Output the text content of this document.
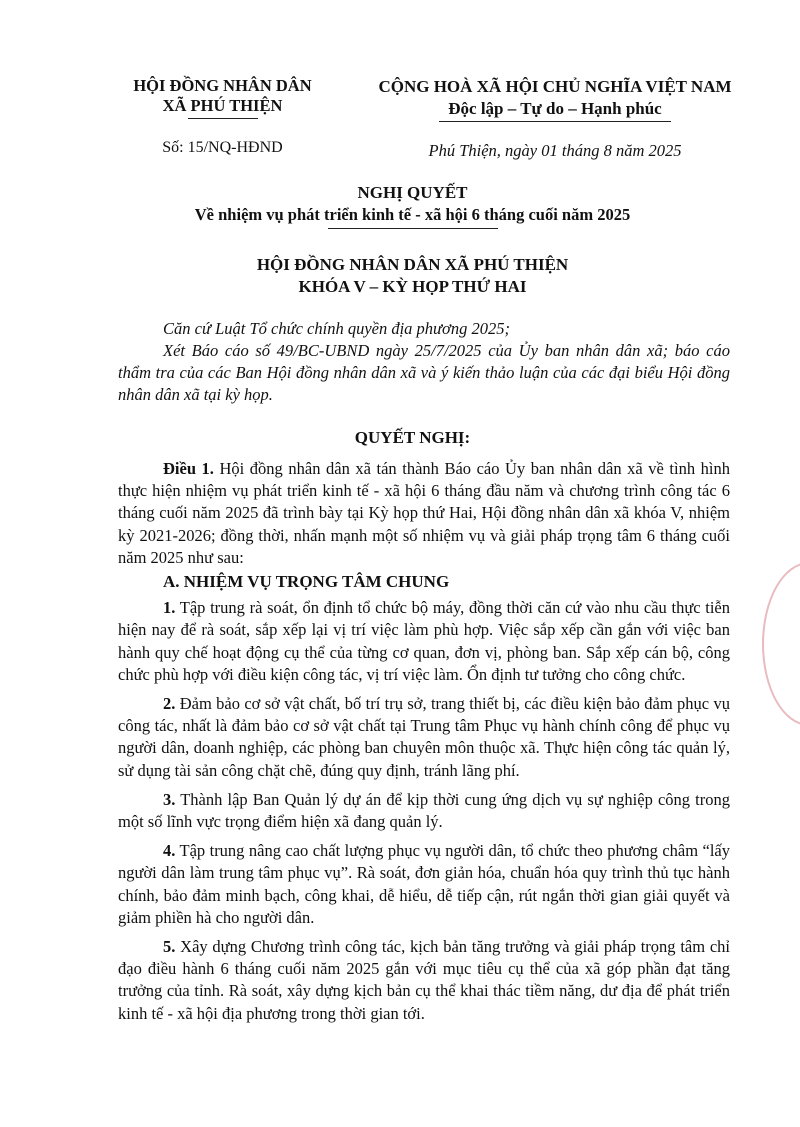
HỘI ĐỒNG NHÂN DÂN
XÃ PHÚ THIỆN
Số: 15/NQ-HĐND
CỘNG HOÀ XÃ HỘI CHỦ NGHĨA VIỆT NAM
Độc lập – Tự do – Hạnh phúc
Phú Thiện, ngày 01 tháng 8 năm 2025
NGHỊ QUYẾT
Về nhiệm vụ phát triển kinh tế - xã hội 6 tháng cuối năm 2025
HỘI ĐỒNG NHÂN DÂN XÃ PHÚ THIỆN
KHÓA V – KỲ HỌP THỨ HAI

Căn cứ Luật Tổ chức chính quyền địa phương 2025;

Xét Báo cáo số 49/BC-UBND ngày 25/7/2025 của Ủy ban nhân dân xã; báo cáo thẩm tra của các Ban Hội đồng nhân dân xã và ý kiến thảo luận của các đại biểu Hội đồng nhân dân xã tại kỳ họp.

QUYẾT NGHỊ:

Điều 1. Hội đồng nhân dân xã tán thành Báo cáo Ủy ban nhân dân xã về tình hình thực hiện nhiệm vụ phát triển kinh tế - xã hội 6 tháng đầu năm và chương trình công tác 6 tháng cuối năm 2025 đã trình bày tại Kỳ họp thứ Hai, Hội đồng nhân dân xã khóa V, nhiệm kỳ 2021-2026; đồng thời, nhấn mạnh một số nhiệm vụ và giải pháp trọng tâm 6 tháng cuối năm 2025 như sau:

A. NHIỆM VỤ TRỌNG TÂM CHUNG

1. Tập trung rà soát, ổn định tổ chức bộ máy, đồng thời căn cứ vào nhu cầu thực tiễn hiện nay để rà soát, sắp xếp lại vị trí việc làm phù hợp. Việc sắp xếp cần gắn với việc ban hành quy chế hoạt động cụ thể của từng cơ quan, đơn vị, phòng ban. Sắp xếp cán bộ, công chức phù hợp với điều kiện công tác, vị trí việc làm. Ổn định tư tưởng cho công chức.

2. Đảm bảo cơ sở vật chất, bố trí trụ sở, trang thiết bị, các điều kiện bảo đảm phục vụ công tác, nhất là đảm bảo cơ sở vật chất tại Trung tâm Phục vụ hành chính công để phục vụ người dân, doanh nghiệp, các phòng ban chuyên môn thuộc xã. Thực hiện công tác quản lý, sử dụng tài sản công chặt chẽ, đúng quy định, tránh lãng phí.

3. Thành lập Ban Quản lý dự án để kịp thời cung ứng dịch vụ sự nghiệp công trong một số lĩnh vực trọng điểm hiện xã đang quản lý.

4. Tập trung nâng cao chất lượng phục vụ người dân, tổ chức theo phương châm “lấy người dân làm trung tâm phục vụ”. Rà soát, đơn giản hóa, chuẩn hóa quy trình thủ tục hành chính, bảo đảm minh bạch, công khai, dễ hiểu, dễ tiếp cận, rút ngắn thời gian giải quyết và giảm phiền hà cho người dân.

5. Xây dựng Chương trình công tác, kịch bản tăng trưởng và giải pháp trọng tâm chỉ đạo điều hành 6 tháng cuối năm 2025 gắn với mục tiêu cụ thể của xã góp phần đạt tăng trưởng của tỉnh. Rà soát, xây dựng kịch bản cụ thể khai thác tiềm năng, dư địa để phát triển kinh tế - xã hội địa phương trong thời gian tới.
